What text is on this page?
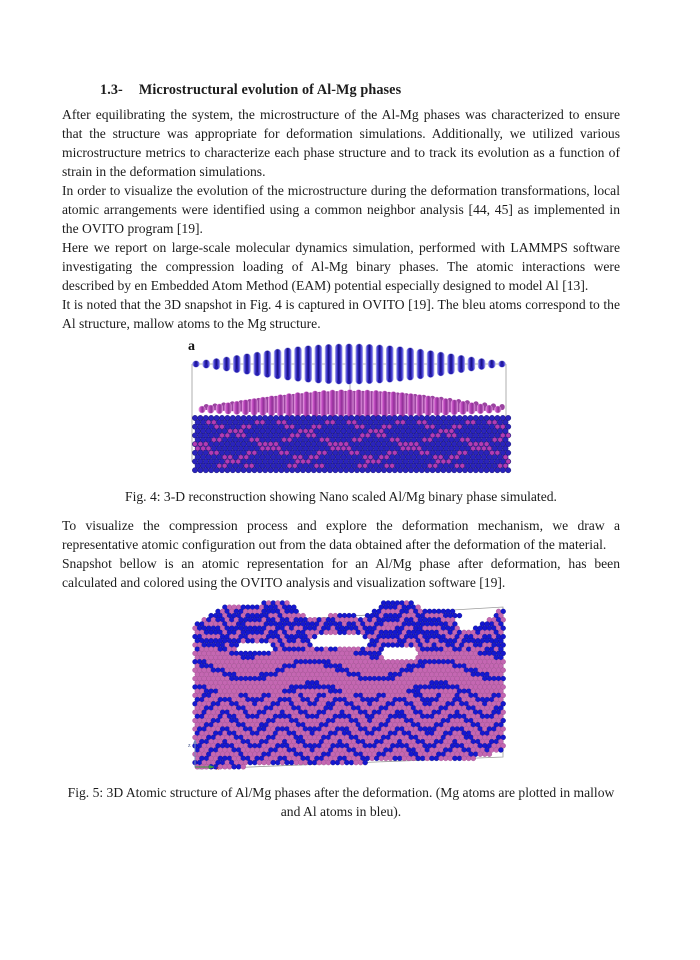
1.3- Microstructural evolution of Al-Mg phases

After equilibrating the system, the microstructure of the Al-Mg phases was characterized to ensure that the structure was appropriate for deformation simulations. Additionally, we utilized various microstructure metrics to characterize each phase structure and to track its evolution as a function of strain in the deformation simulations.

In order to visualize the evolution of the microstructure during the deformation transformations, local atomic arrangements were identified using a common neighbor analysis [44, 45] as implemented in the OVITO program [19].

Here we report on large-scale molecular dynamics simulation, performed with LAMMPS software investigating the compression loading of Al-Mg binary phases. The atomic interactions were described by en Embedded Atom Method (EAM) potential especially designed to model Al [13].

It is noted that the 3D snapshot in Fig. 4 is captured in OVITO [19]. The bleu atoms correspond to the Al structure, mallow atoms to the Mg structure.

a

Fig. 4: 3-D reconstruction showing Nano scaled Al/Mg binary phase simulated.

To visualize the compression process and explore the deformation mechanism, we draw a representative atomic configuration out from the data obtained after the deformation of the material.

Snapshot bellow is an atomic representation for an Al/Mg phase after deformation, has been calculated and colored using the OVITO analysis and visualization software [19].

z
x

Fig. 5: 3D Atomic structure of Al/Mg phases after the deformation. (Mg atoms are plotted in mallow and Al atoms in bleu).
